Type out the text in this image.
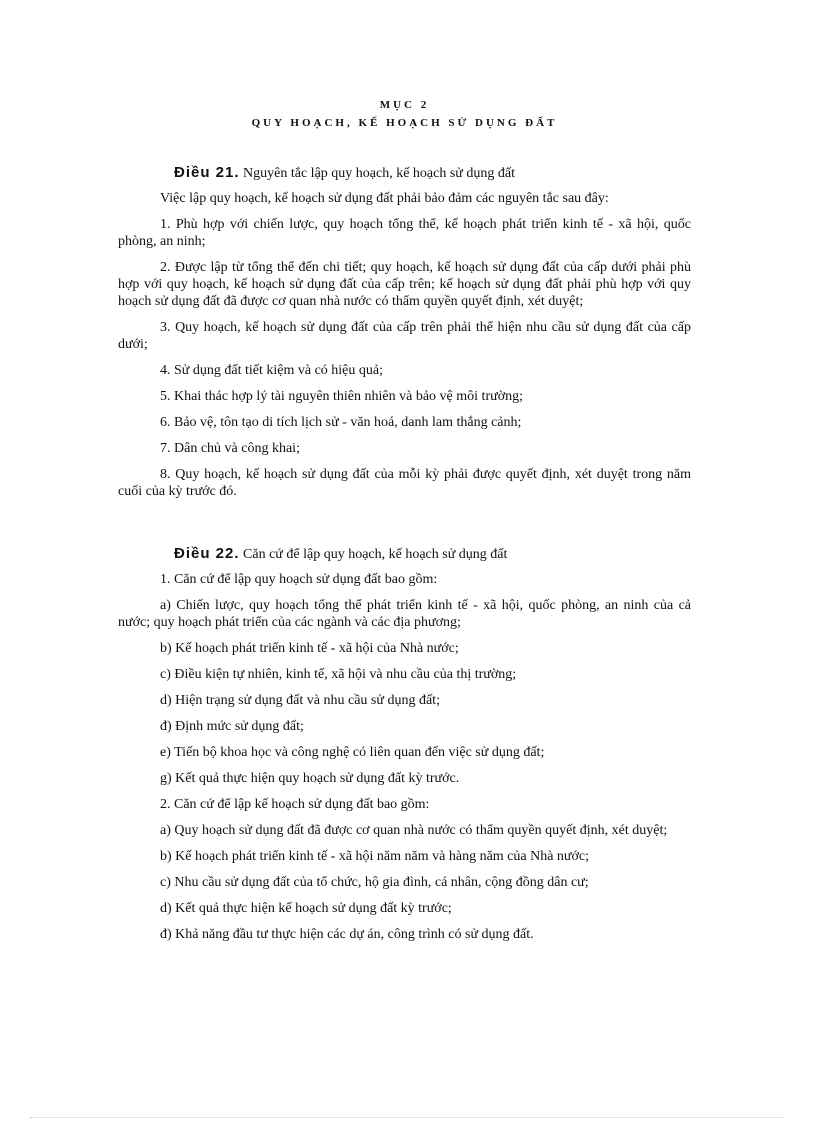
MỤC 2
QUY HOẠCH, KẾ HOẠCH SỬ DỤNG ĐẤT

Điều 21. Nguyên tắc lập quy hoạch, kế hoạch sử dụng đất

Việc lập quy hoạch, kế hoạch sử dụng đất phải bảo đảm các nguyên tắc sau đây:

1. Phù hợp với chiến lược, quy hoạch tổng thể, kế hoạch phát triển kinh tế - xã hội, quốc phòng, an ninh;

2. Được lập từ tổng thể đến chi tiết; quy hoạch, kế hoạch sử dụng đất của cấp dưới phải phù hợp với quy hoạch, kế hoạch sử dụng đất của cấp trên; kế hoạch sử dụng đất phải phù hợp với quy hoạch sử dụng đất đã được cơ quan nhà nước có thẩm quyền quyết định, xét duyệt;

3. Quy hoạch, kế hoạch sử dụng đất của cấp trên phải thể hiện nhu cầu sử dụng đất của cấp dưới;

4. Sử dụng đất tiết kiệm và có hiệu quả;

5. Khai thác hợp lý tài nguyên thiên nhiên và bảo vệ môi trường;

6. Bảo vệ, tôn tạo di tích lịch sử - văn hoá, danh lam thắng cảnh;

7. Dân chủ và công khai;

8. Quy hoạch, kế hoạch sử dụng đất của mỗi kỳ phải được quyết định, xét duyệt trong năm cuối của kỳ trước đó.

Điều 22. Căn cứ để lập quy hoạch, kế hoạch sử dụng đất

1. Căn cứ để lập quy hoạch sử dụng đất bao gồm:

a) Chiến lược, quy hoạch tổng thể phát triển kinh tế - xã hội, quốc phòng, an ninh của cả nước; quy hoạch phát triển của các ngành và các địa phương;

b) Kế hoạch phát triển kinh tế - xã hội của Nhà nước;

c) Điều kiện tự nhiên, kinh tế, xã hội và nhu cầu của thị trường;

d) Hiện trạng sử dụng đất và nhu cầu sử dụng đất;

đ) Định mức sử dụng đất;

e) Tiến bộ khoa học và công nghệ có liên quan đến việc sử dụng đất;

g) Kết quả thực hiện quy hoạch sử dụng đất kỳ trước.

2. Căn cứ để lập kế hoạch sử dụng đất bao gồm:

a) Quy hoạch sử dụng đất đã được cơ quan nhà nước có thẩm quyền quyết định, xét duyệt;

b) Kế hoạch phát triển kinh tế - xã hội năm năm và hàng năm của Nhà nước;

c) Nhu cầu sử dụng đất của tổ chức, hộ gia đình, cá nhân, cộng đồng dân cư;

d) Kết quả thực hiện kế hoạch sử dụng đất kỳ trước;

đ) Khả năng đầu tư thực hiện các dự án, công trình có sử dụng đất.
